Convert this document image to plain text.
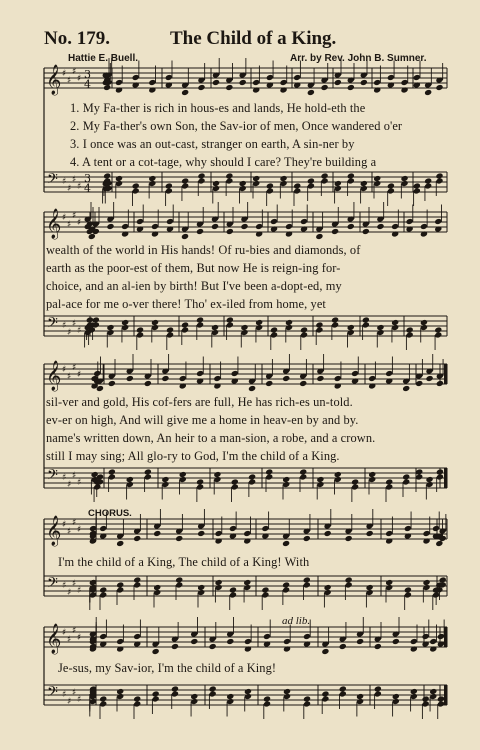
No. 179.	The Child of a King.
Hattie E. Buell.	Arr. by Rev. John B. Sumner.
𝄞
𝄢
♯
♯
♯
♯
♯
♯
♯
♯
3
4
3
4
𝄞
𝄢
♯
♯
♯
♯
♯
♯
♯
♯
𝄞
𝄢
♯
♯
♯
♯
♯
♯
♯
♯
𝄞
𝄢
♯
♯
♯
♯
♯
♯
♯
♯
𝄞
𝄢
♯
♯
♯
♯
♯
♯
♯
♯
1. My Fa-ther is rich in hous-es and lands, He hold-eth the
2. My Fa-ther's own Son, the Sav-ior of men, Once wandered o'er
3. I once was an out-cast, stranger on earth, A sin-ner by
4. A tent or a cot-tage, why should I care? They're building a
wealth of the world in His hands! Of ru-bies and diamonds, of
earth as the poor-est of them, But now He is reign-ing for-
choice, and an al-ien by birth! But I've been a-dopt-ed, my
pal-ace for me o-ver there! Tho' ex-iled from home, yet
sil-ver and gold, His cof-fers are full, He has rich-es un-told.
ev-er on high, And will give me a home in heav-en by and by.
name's written down, An heir to a man-sion, a robe, and a crown.
still I may sing; All glo-ry to God, I'm the child of a King.
CHORUS.
I'm the child of a King, The child of a King! With
ad lib.
Je-sus, my Sav-ior, I'm the child of a King!
